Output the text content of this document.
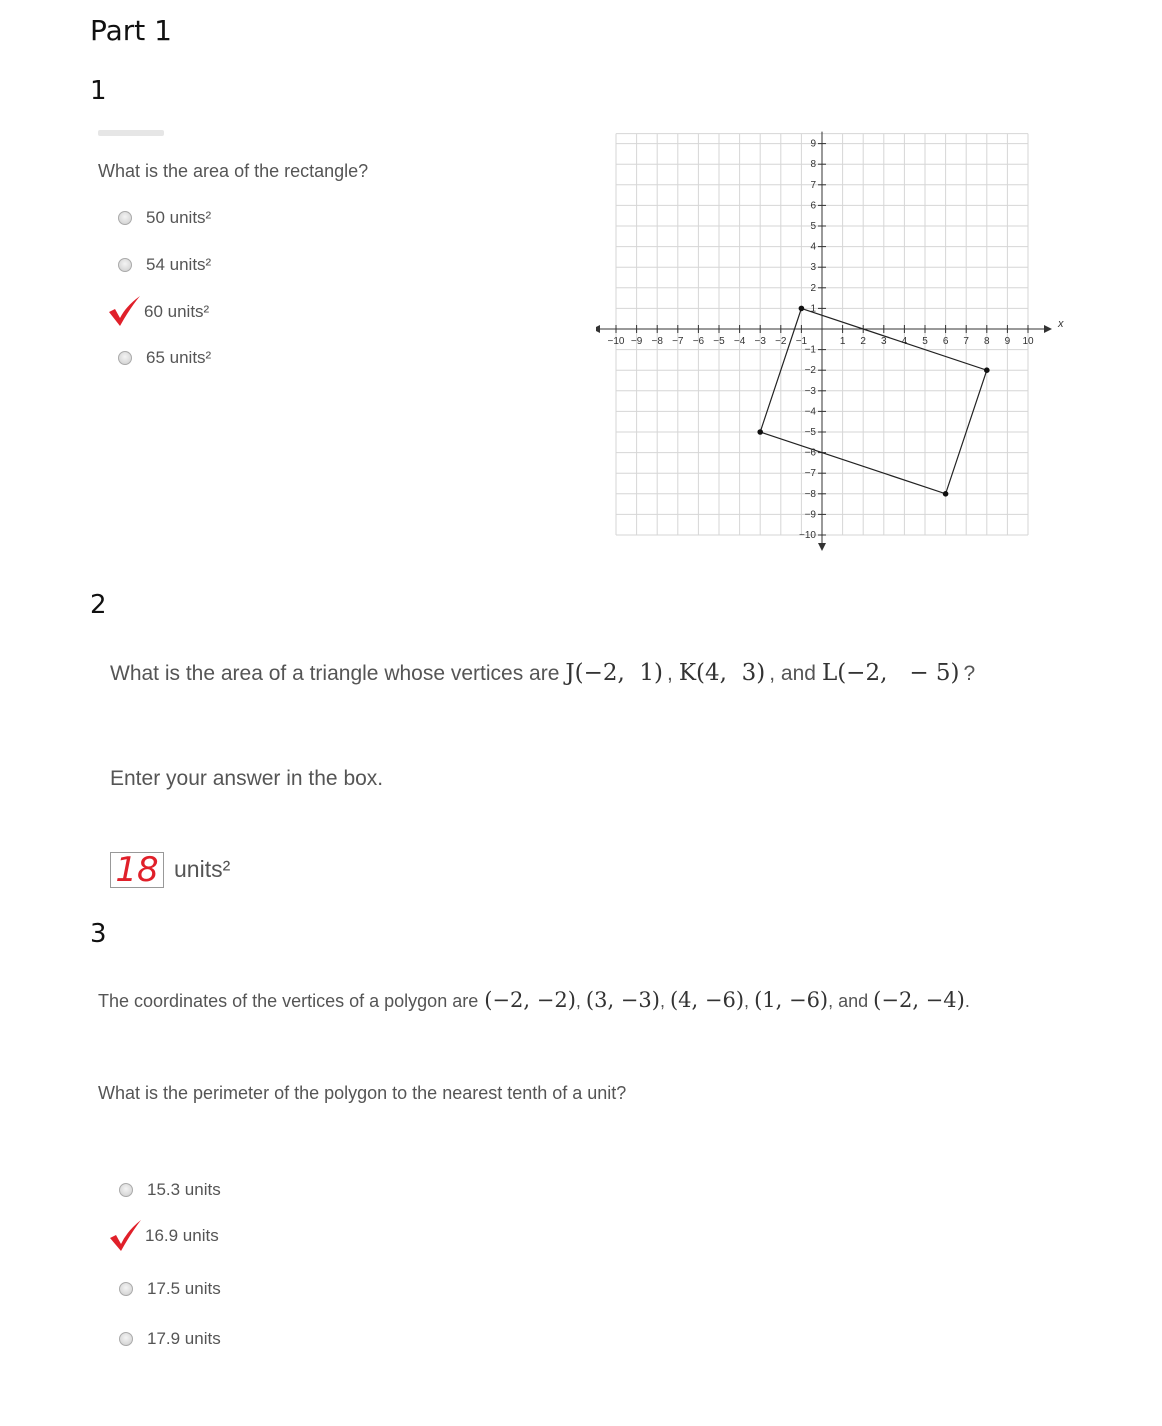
Part 1
1
What is the area of the rectangle?
50 units²
54 units²
60 units²
65 units²
x
−10 −9 −8 −7 −6 −5 −4 −3 −2 −1	1 2 3 4 5 6 7 8 9 10
1
2
3
4
5
6
7
8
9
−1
−2
−3
−4
−5
−6
−7
−8
−9
−10
2
What is the area of a triangle whose vertices are J(−2,  1) , K(4,  3) , and L(−2,   − 5) ?
Enter your answer in the box.
18 units²
3
The coordinates of the vertices of a polygon are (−2, −2) , (3, −3) , (4, −6) , (1, −6) , and (−2, −4) .
What is the perimeter of the polygon to the nearest tenth of a unit?
15.3 units
16.9 units
17.5 units
17.9 units
